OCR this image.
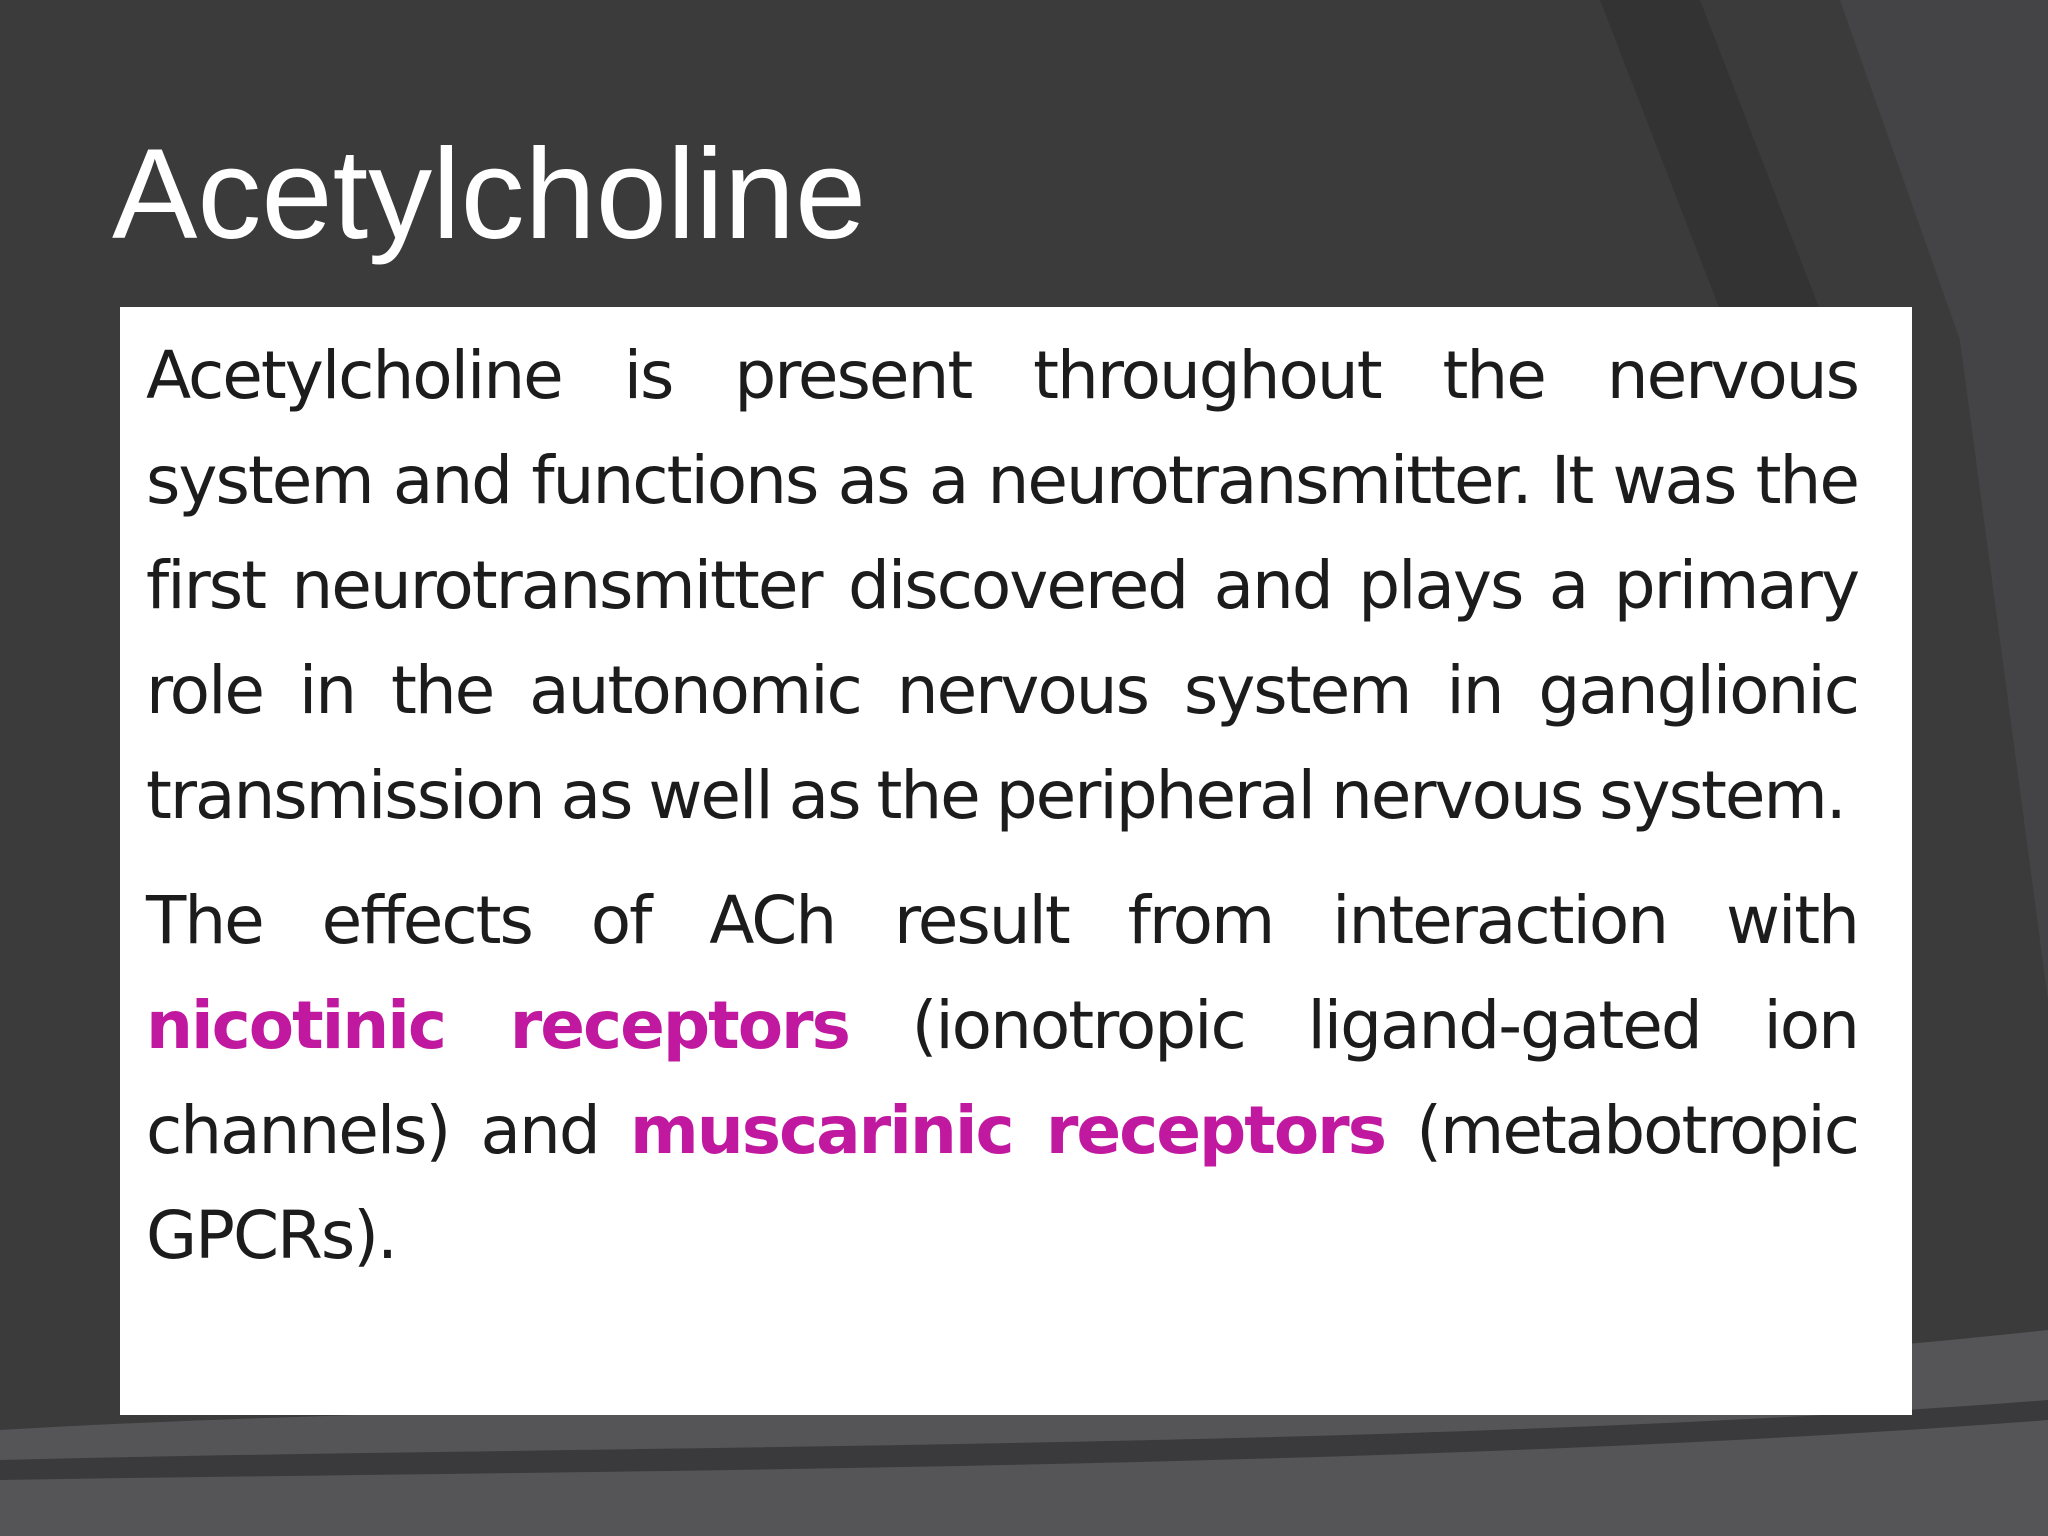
Acetylcholine

Acetylcholine is present throughout the nervous system and functions as a neurotransmitter. It was the first neurotransmitter discovered and plays a primary role in the autonomic nervous system in ganglionic transmission as well as the peripheral nervous system.

The effects of ACh result from interaction with nicotinic receptors (ionotropic ligand-gated ion channels) and muscarinic receptors (metabotropic GPCRs).
